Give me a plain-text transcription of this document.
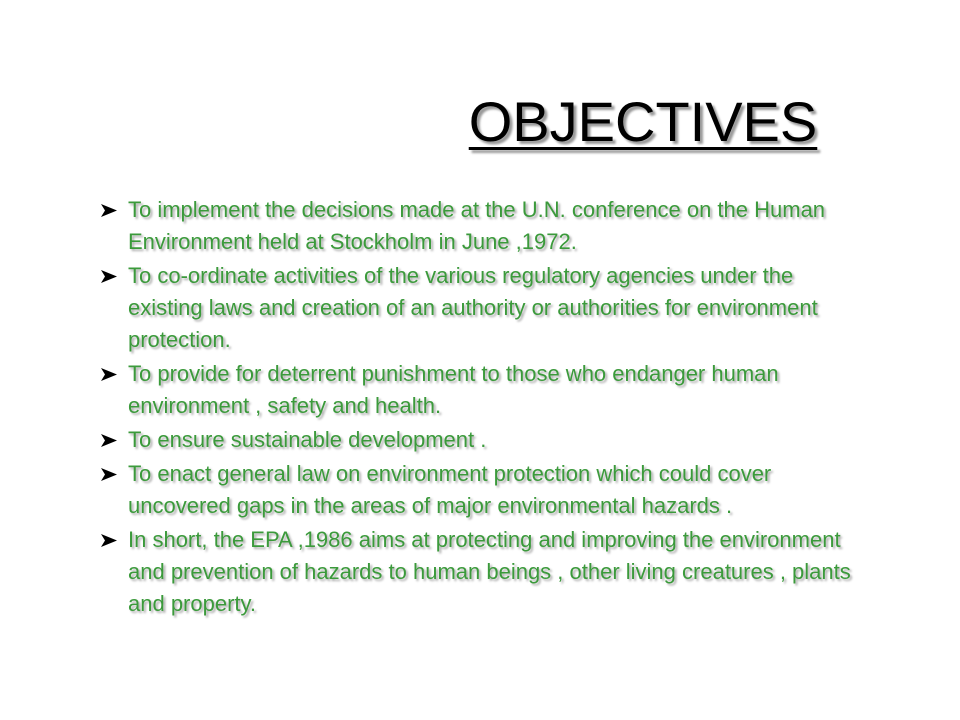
OBJECTIVES
To implement the decisions made at the U.N. conference on the Human Environment held at Stockholm in June ,1972.
To co-ordinate activities of the various regulatory agencies under the existing laws and creation of an authority or authorities for environment protection.
To provide for deterrent punishment to those who endanger human environment , safety and health.
To ensure sustainable development .
To enact general law on environment protection which could cover uncovered gaps in the areas of major environmental hazards .
In short, the EPA ,1986 aims at protecting and improving the environment and prevention of hazards to human beings , other living creatures , plants and property.
